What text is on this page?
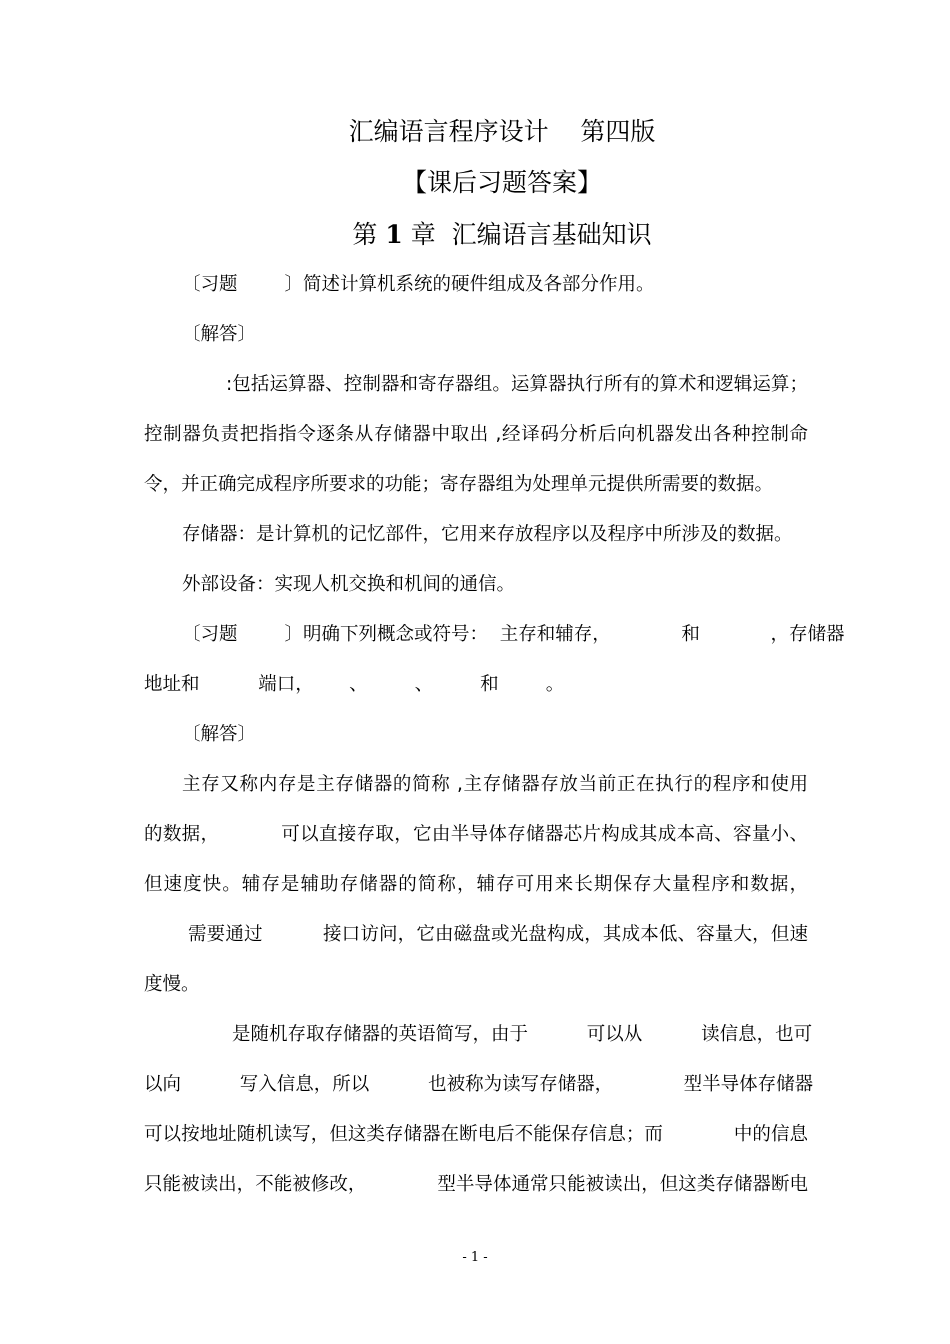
汇编语言程序设计    第四版
【课后习题答案】
第 1 章  汇编语言基础知识
〔习题        〕简述计算机系统的硬件组成及各部分作用。
〔解答〕
:包括运算器、控制器和寄存器组。运算器执行所有的算术和逻辑运算；
控制器负责把指指令逐条从存储器中取出 ,经译码分析后向机器发出各种控制命
令，并正确完成程序所要求的功能；寄存器组为处理单元提供所需要的数据。
存储器：是计算机的记忆部件，它用来存放程序以及程序中所涉及的数据。
外部设备：实现人机交换和机间的通信。
〔习题        〕明确下列概念或符号：  主存和辅存，            和            ，存储器
地址和          端口，      、        、        和        。
〔解答〕
主存又称内存是主存储器的简称 ,主存储器存放当前正在执行的程序和使用
的数据，          可以直接存取，它由半导体存储器芯片构成其成本高、容量小、
但速度快。辅存是辅助存储器的简称，辅存可用来长期保存大量程序和数据，
需要通过          接口访问，它由磁盘或光盘构成，其成本低、容量大，但速
度慢。
是随机存取存储器的英语简写，由于          可以从          读信息，也可
以向          写入信息，所以          也被称为读写存储器，            型半导体存储器
可以按地址随机读写，但这类存储器在断电后不能保存信息；而            中的信息
只能被读出，不能被修改，            型半导体通常只能被读出，但这类存储器断电
- 1 -
